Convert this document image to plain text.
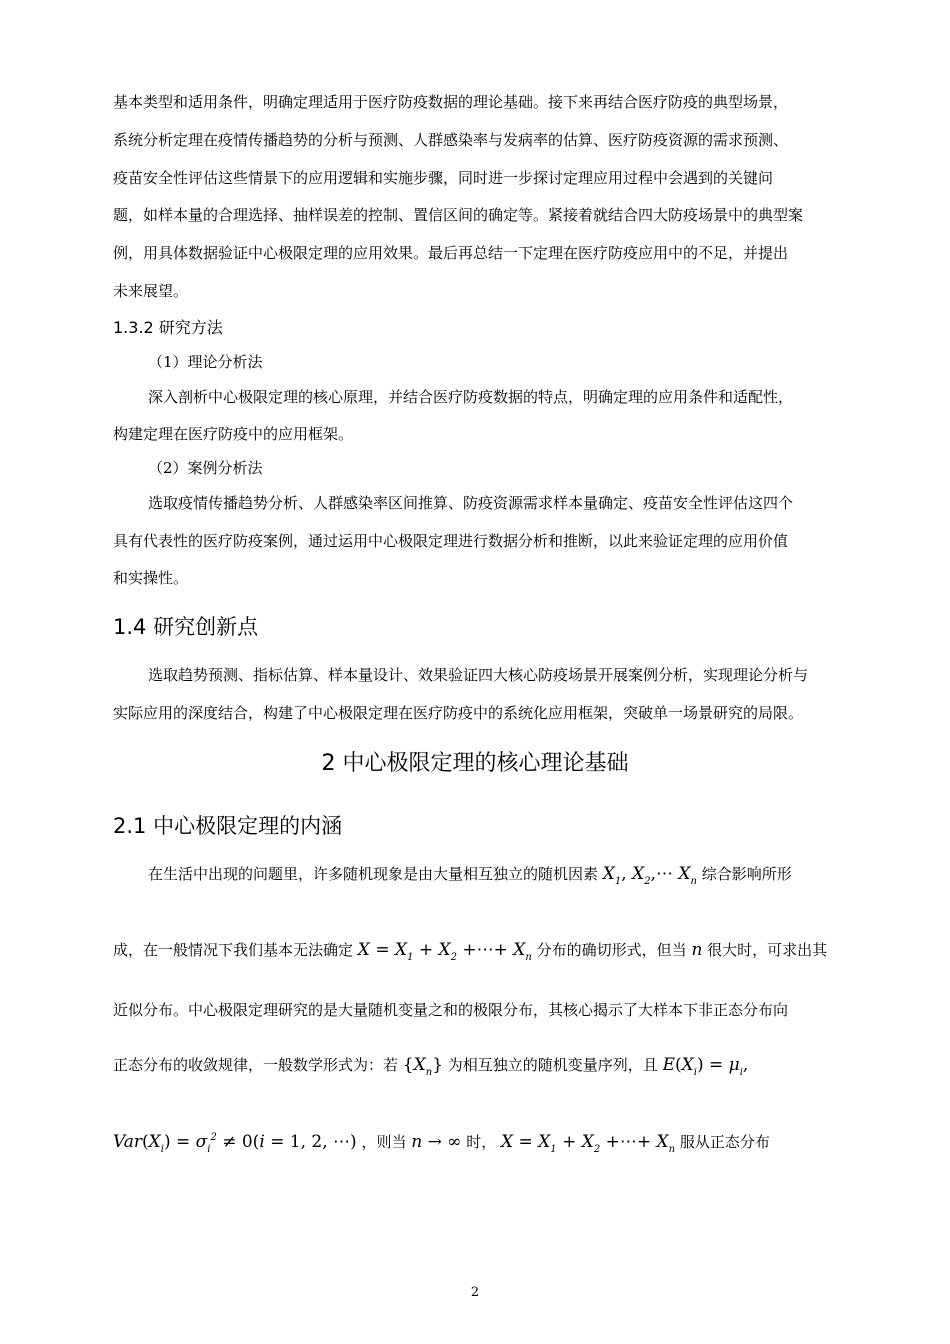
基本类型和适用条件，明确定理适用于医疗防疫数据的理论基础。接下来再结合医疗防疫的典型场景，
系统分析定理在疫情传播趋势的分析与预测、人群感染率与发病率的估算、医疗防疫资源的需求预测、
疫苗安全性评估这些情景下的应用逻辑和实施步骤，同时进一步探讨定理应用过程中会遇到的关键问
题，如样本量的合理选择、抽样误差的控制、置信区间的确定等。紧接着就结合四大防疫场景中的典型案
例，用具体数据验证中心极限定理的应用效果。最后再总结一下定理在医疗防疫应用中的不足，并提出
未来展望。
1.3.2 研究方法
（1）理论分析法
深入剖析中心极限定理的核心原理，并结合医疗防疫数据的特点，明确定理的应用条件和适配性，
构建定理在医疗防疫中的应用框架。
（2）案例分析法
选取疫情传播趋势分析、人群感染率区间推算、防疫资源需求样本量确定、疫苗安全性评估这四个
具有代表性的医疗防疫案例，通过运用中心极限定理进行数据分析和推断，以此来验证定理的应用价值
和实操性。
1.4 研究创新点
选取趋势预测、指标估算、样本量设计、效果验证四大核心防疫场景开展案例分析，实现理论分析与
实际应用的深度结合，构建了中心极限定理在医疗防疫中的系统化应用框架，突破单一场景研究的局限。
2 中心极限定理的核心理论基础
2.1 中心极限定理的内涵
在生活中出现的问题里，许多随机现象是由大量相互独立的随机因素 $X_1$, $X_2,\cdots$ $X_n$ 综合影响所形
成，在一般情况下我们基本无法确定 $X = X_1 + X_2$ +⋯+ $X_n$ 分布的确切形式，但当 n 很大时，可求出其
近似分布。中心极限定理研究的是大量随机变量之和的极限分布，其核心揭示了大样本下非正态分布向
正态分布的收敛规律，一般数学形式为：若 $\{X_n\}$ 为相互独立的随机变量序列，且 $E(X_i) = \mu_i$,
$Var(X_i) = \sigma_i^2 \ne 0(i = 1$, 2, ⋯) ，则当 n → ∞ 时， $X = X_1 + X_2$ +⋯+ $X_n$ 服从正态分布
2
